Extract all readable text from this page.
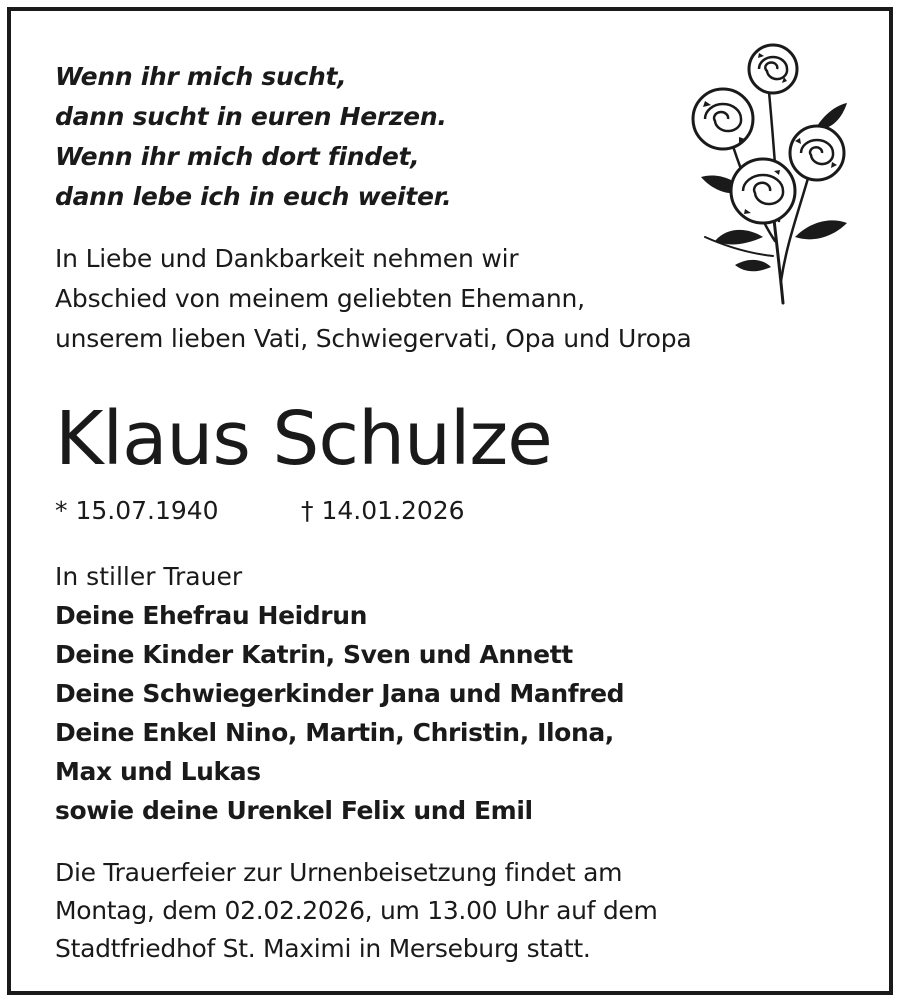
Wenn ihr mich sucht,
dann sucht in euren Herzen.
Wenn ihr mich dort findet,
dann lebe ich in euch weiter.
In Liebe und Dankbarkeit nehmen wir
Abschied von meinem geliebten Ehemann,
unserem lieben Vati, Schwiegervati, Opa und Uropa
Klaus Schulze
* 15.07.1940	† 14.01.2026
In stiller Trauer
Deine Ehefrau Heidrun
Deine Kinder Katrin, Sven und Annett
Deine Schwiegerkinder Jana und Manfred
Deine Enkel Nino, Martin, Christin, Ilona,
Max und Lukas
sowie deine Urenkel Felix und Emil
Die Trauerfeier zur Urnenbeisetzung findet am
Montag, dem 02.02.2026, um 13.00 Uhr auf dem
Stadtfriedhof St. Maximi in Merseburg statt.
